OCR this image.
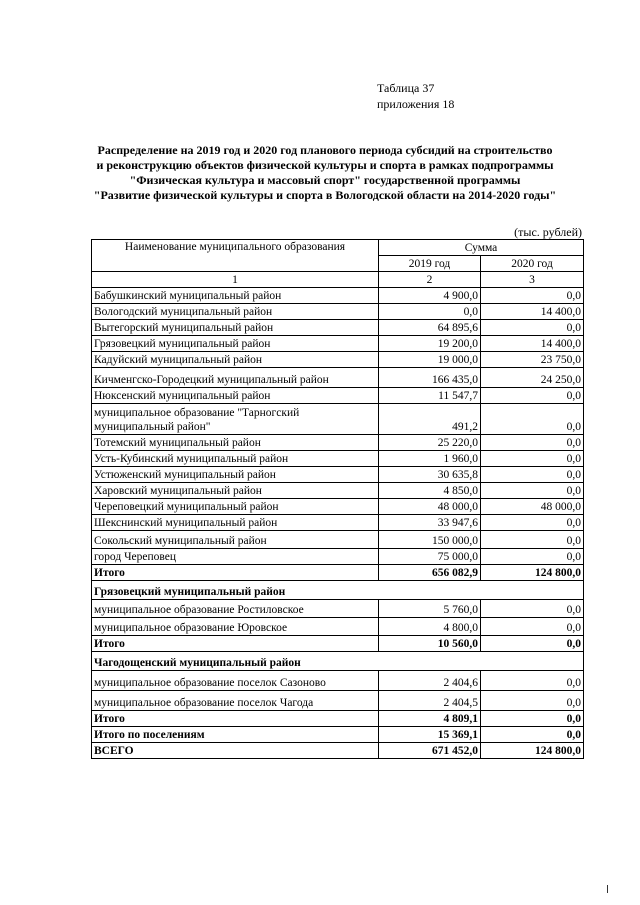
Таблица 37
приложения 18
Распределение на 2019 год и 2020 год планового периода субсидий на строительство
и реконструкцию объектов физической культуры и спорта в рамках подпрограммы
"Физическая культура и массовый спорт" государственной программы
"Развитие физической культуры и спорта в Вологодской области на 2014-2020 годы"
(тыс. рублей)
Наименование муниципального образования	Сумма	
	2019 год	2020 год
1	2	3
Бабушкинский муниципальный район	4 900,0	0,0
Вологодский муниципальный район	0,0	14 400,0
Вытегорский муниципальный район	64 895,6	0,0
Грязовецкий муниципальный район	19 200,0	14 400,0
Кадуйский муниципальный район	19 000,0	23 750,0
Кичменгско-Городецкий муниципальный район	166 435,0	24 250,0
Нюксенский муниципальный район	11 547,7	0,0

муниципальное образование "Тарногский
муниципальный район"	491,2	0,0
Тотемский муниципальный район	25 220,0	0,0
Усть-Кубинский муниципальный район	1 960,0	0,0
Устюженский муниципальный район	30 635,8	0,0
Харовский муниципальный район	4 850,0	0,0
Череповецкий муниципальный район	48 000,0	48 000,0
Шекснинский муниципальный район	33 947,6	0,0
Сокольский муниципальный район	150 000,0	0,0
город Череповец	75 000,0	0,0
Итого	656 082,9	124 800,0
Грязовецкий муниципальный район		
муниципальное образование Ростиловское	5 760,0	0,0
муниципальное образование Юровское	4 800,0	0,0
Итого	10 560,0	0,0
Чагодощенский муниципальный район		
муниципальное образование поселок Сазоново	2 404,6	0,0
муниципальное образование поселок Чагода	2 404,5	0,0
Итого	4 809,1	0,0
Итого по поселениям	15 369,1	0,0
ВСЕГО	671 452,0	124 800,0
